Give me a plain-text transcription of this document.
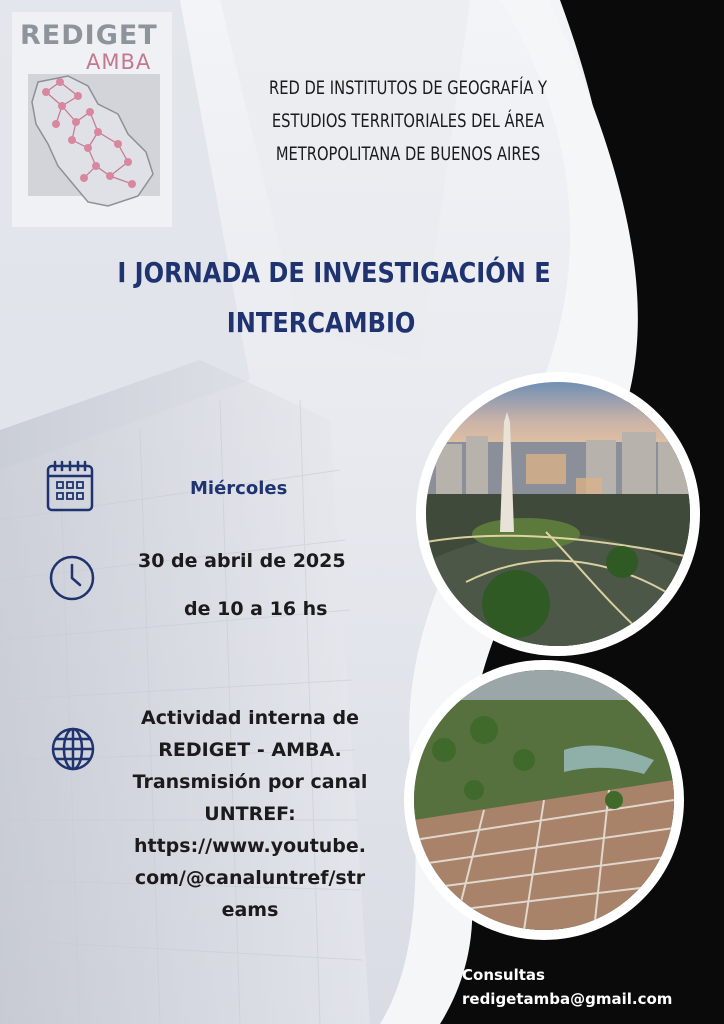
REDIGET
AMBA
RED DE INSTITUTOS DE GEOGRAFÍA Y
ESTUDIOS TERRITORIALES DEL ÁREA
METROPOLITANA DE BUENOS AIRES
I JORNADA DE INVESTIGACIÓN E
INTERCAMBIO
Miércoles
30 de abril de 2025
de 10 a 16 hs
Actividad interna de
REDIGET - AMBA.
Transmisión por canal
UNTREF:
https://www.youtube.
com/@canaluntref/str
eams
Consultas
redigetamba@gmail.com
